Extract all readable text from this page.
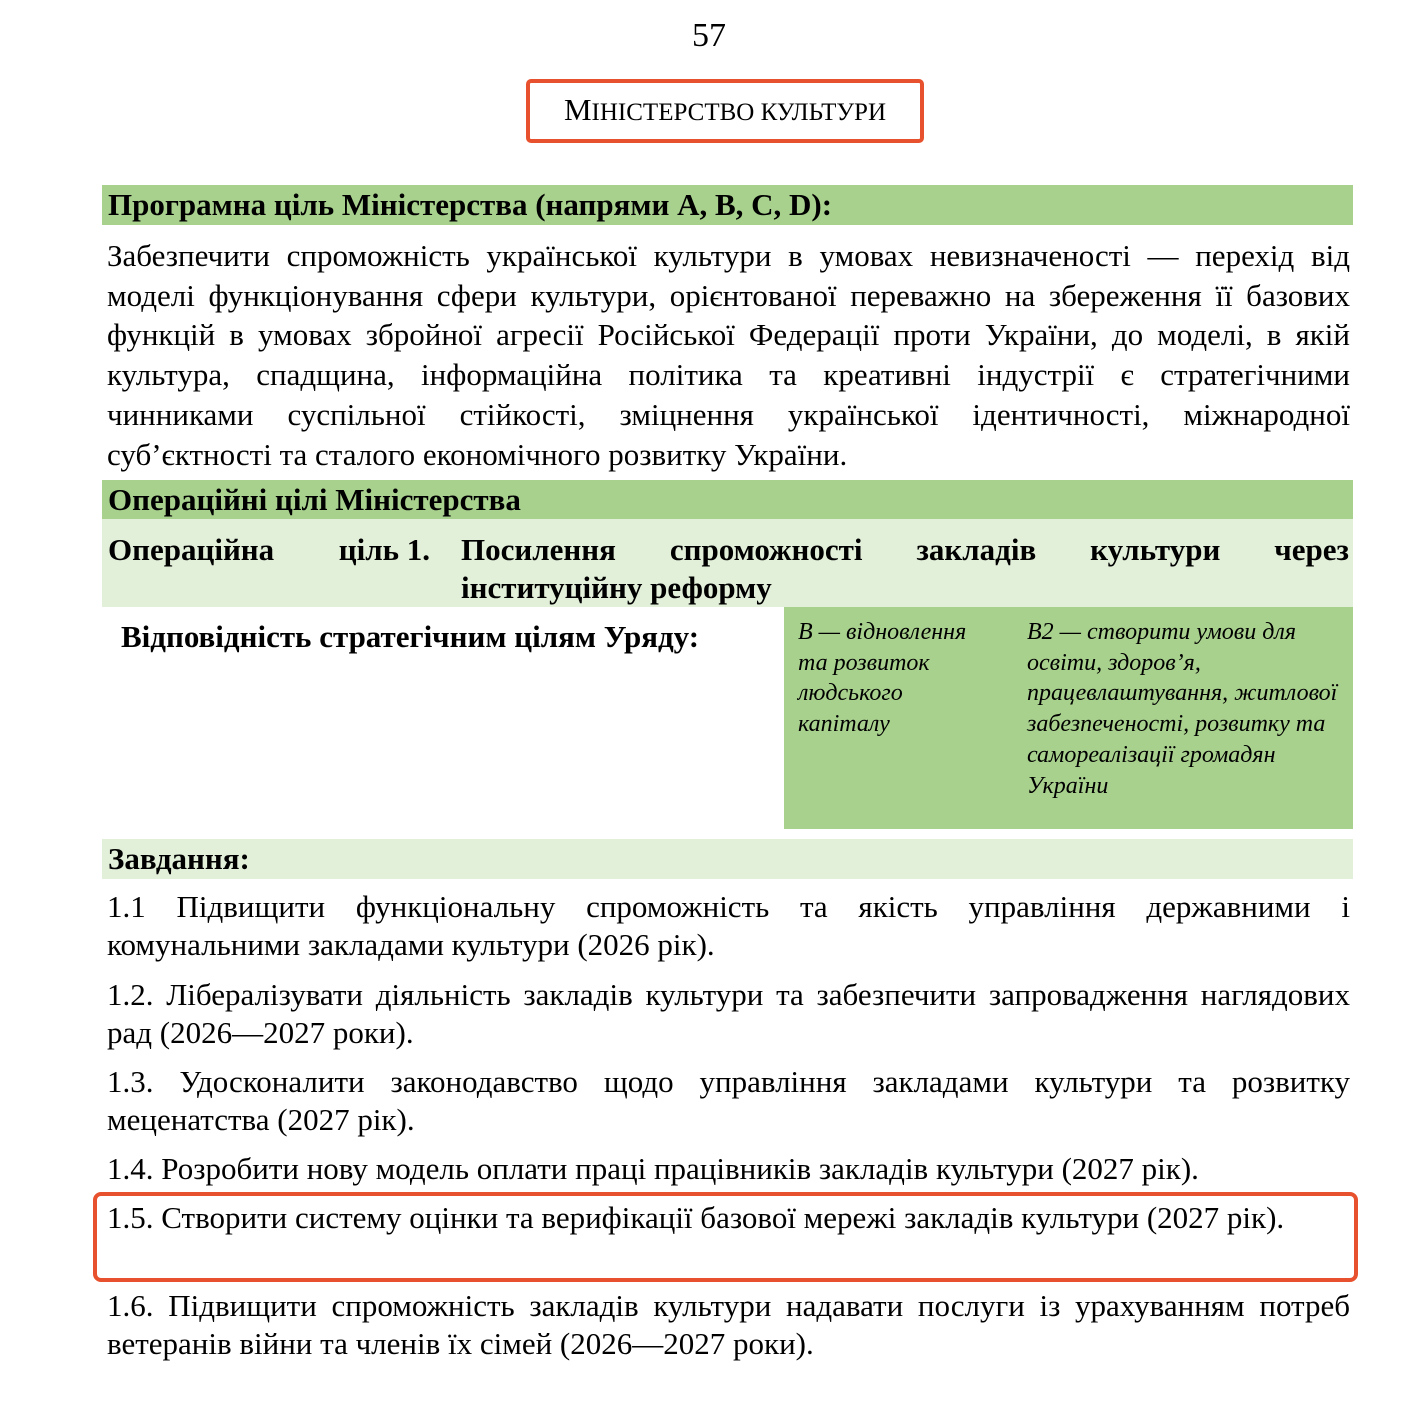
57
МІНІСТЕРСТВО КУЛЬТУРИ
Програмна ціль Міністерства (напрями A, B, C, D):
Забезпечити спроможність української культури в умовах невизначеності — перехід від моделі функціонування сфери культури, орієнтованої переважно на збереження її базових функцій в умовах збройної агресії Російської Федерації проти України, до моделі, в якій культура, спадщина, інформаційна політика та креативні індустрії є стратегічними чинниками суспільної стійкості, зміцнення української ідентичності, міжнародної суб’єктності та сталого економічного розвитку України.
Операційні цілі Міністерства
Операційна ціль 1. Посилення спроможності закладів культури через
інституційну реформу
Відповідність стратегічним цілям Уряду:	B — відновлення та розвиток людського капіталу
B2 — створити умови для освіти, здоров’я, працевлаштування, житлової забезпеченості, розвитку та самореалізації громадян України
Завдання:
1.1 Підвищити функціональну спроможність та якість управління державними і комунальними закладами культури (2026 рік).
1.2. Лібералізувати діяльність закладів культури та забезпечити запровадження наглядових рад (2026—2027 роки).
1.3. Удосконалити законодавство щодо управління закладами культури та розвитку меценатства (2027 рік).
1.4. Розробити нову модель оплати праці працівників закладів культури (2027 рік).
1.5. Створити систему оцінки та верифікації базової мережі закладів культури (2027 рік).
1.6. Підвищити спроможність закладів культури надавати послуги із урахуванням потреб ветеранів війни та членів їх сімей (2026—2027 роки).
